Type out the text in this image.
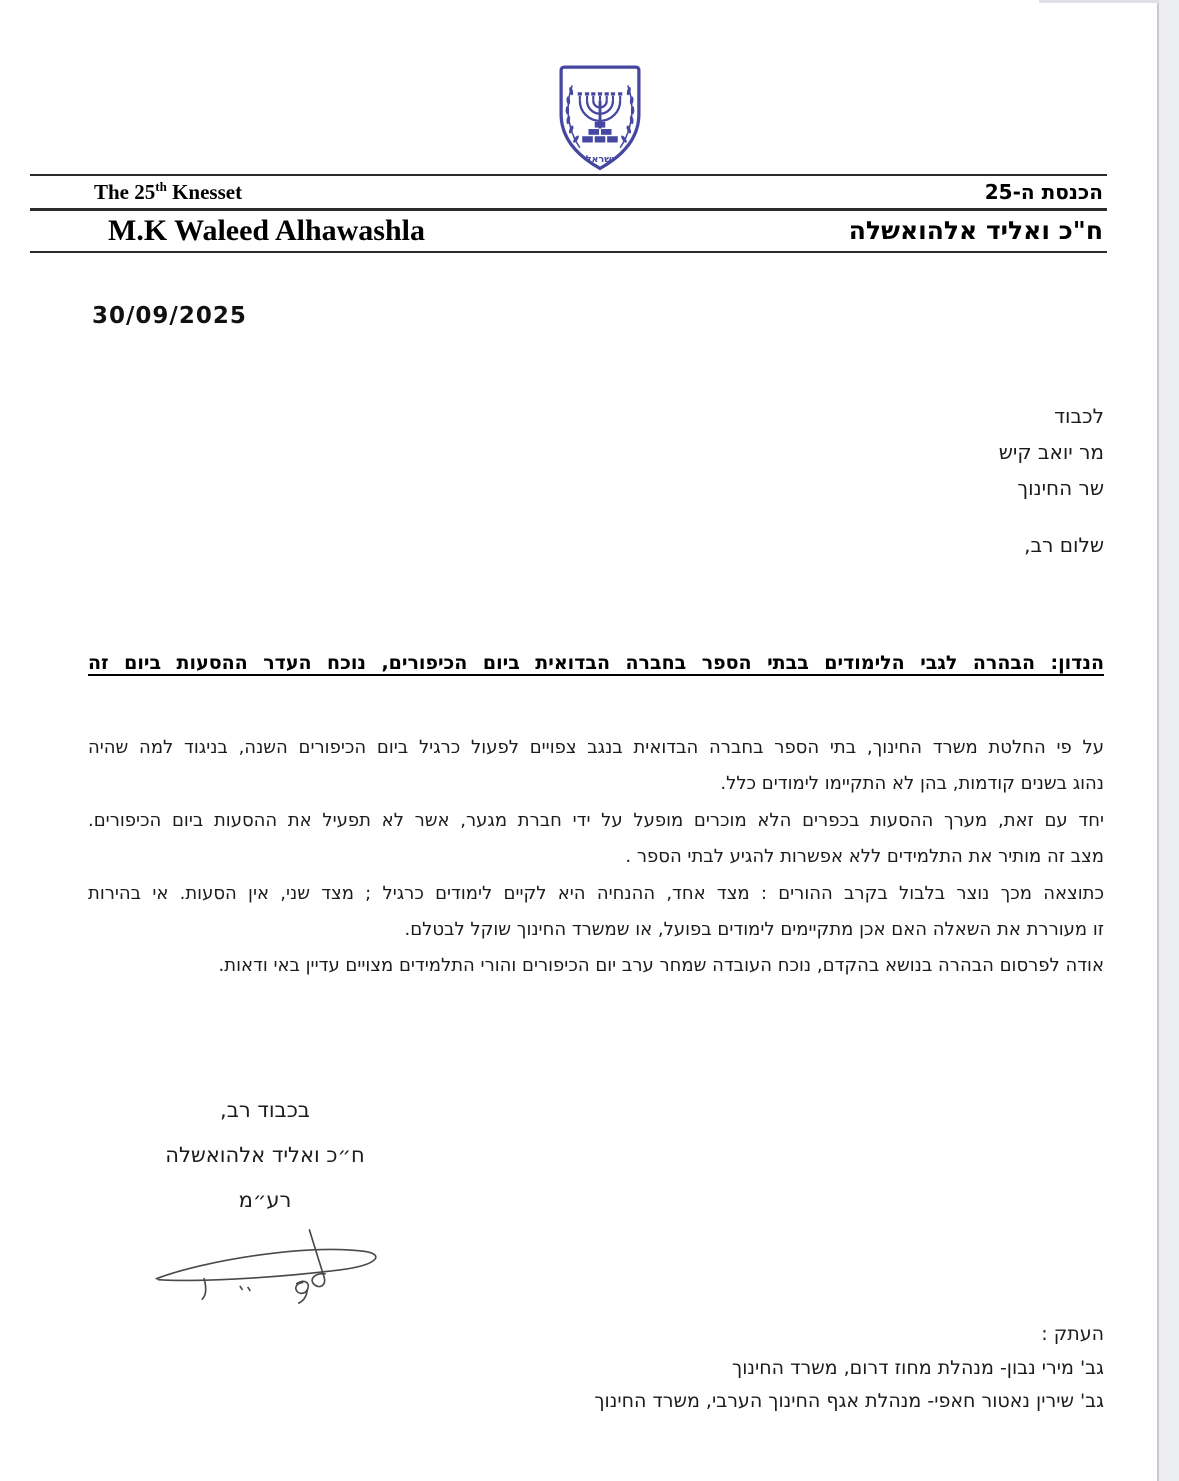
ישראל
The 25th Knesset	הכנסת ה-25
M.K Waleed Alhawashla	ח"כ ואליד אלהואשלה
30/09/2025
לכבוד
מר יואב קיש
שר החינוך
שלום רב,
הנדון: הבהרה לגבי הלימודים בבתי הספר בחברה הבדואית ביום הכיפורים, נוכח העדר ההסעות ביום זה
על פי החלטת משרד החינוך, בתי הספר בחברה הבדואית בנגב צפויים לפעול כרגיל ביום הכיפורים השנה, בניגוד למה שהיה
נהוג בשנים קודמות, בהן לא התקיימו לימודים כלל.
יחד עם זאת, מערך ההסעות בכפרים הלא מוכרים מופעל על ידי חברת מגער, אשר לא תפעיל את ההסעות ביום הכיפורים.
מצב זה מותיר את התלמידים ללא אפשרות להגיע לבתי הספר .
כתוצאה מכך נוצר בלבול בקרב ההורים : מצד אחד, ההנחיה היא לקיים לימודים כרגיל ; מצד שני, אין הסעות. אי בהירות
זו מעוררת את השאלה האם אכן מתקיימים לימודים בפועל, או שמשרד החינוך שוקל לבטלם.
אודה לפרסום הבהרה בנושא בהקדם, נוכח העובדה שמחר ערב יום הכיפורים והורי התלמידים מצויים עדיין באי ודאות.
בכבוד רב,
ח״כ ואליד אלהואשלה
רע״מ
העתק :
גב' מירי נבון- מנהלת מחוז דרום, משרד החינוך
גב' שירין נאטור חאפי- מנהלת אגף החינוך הערבי, משרד החינוך
